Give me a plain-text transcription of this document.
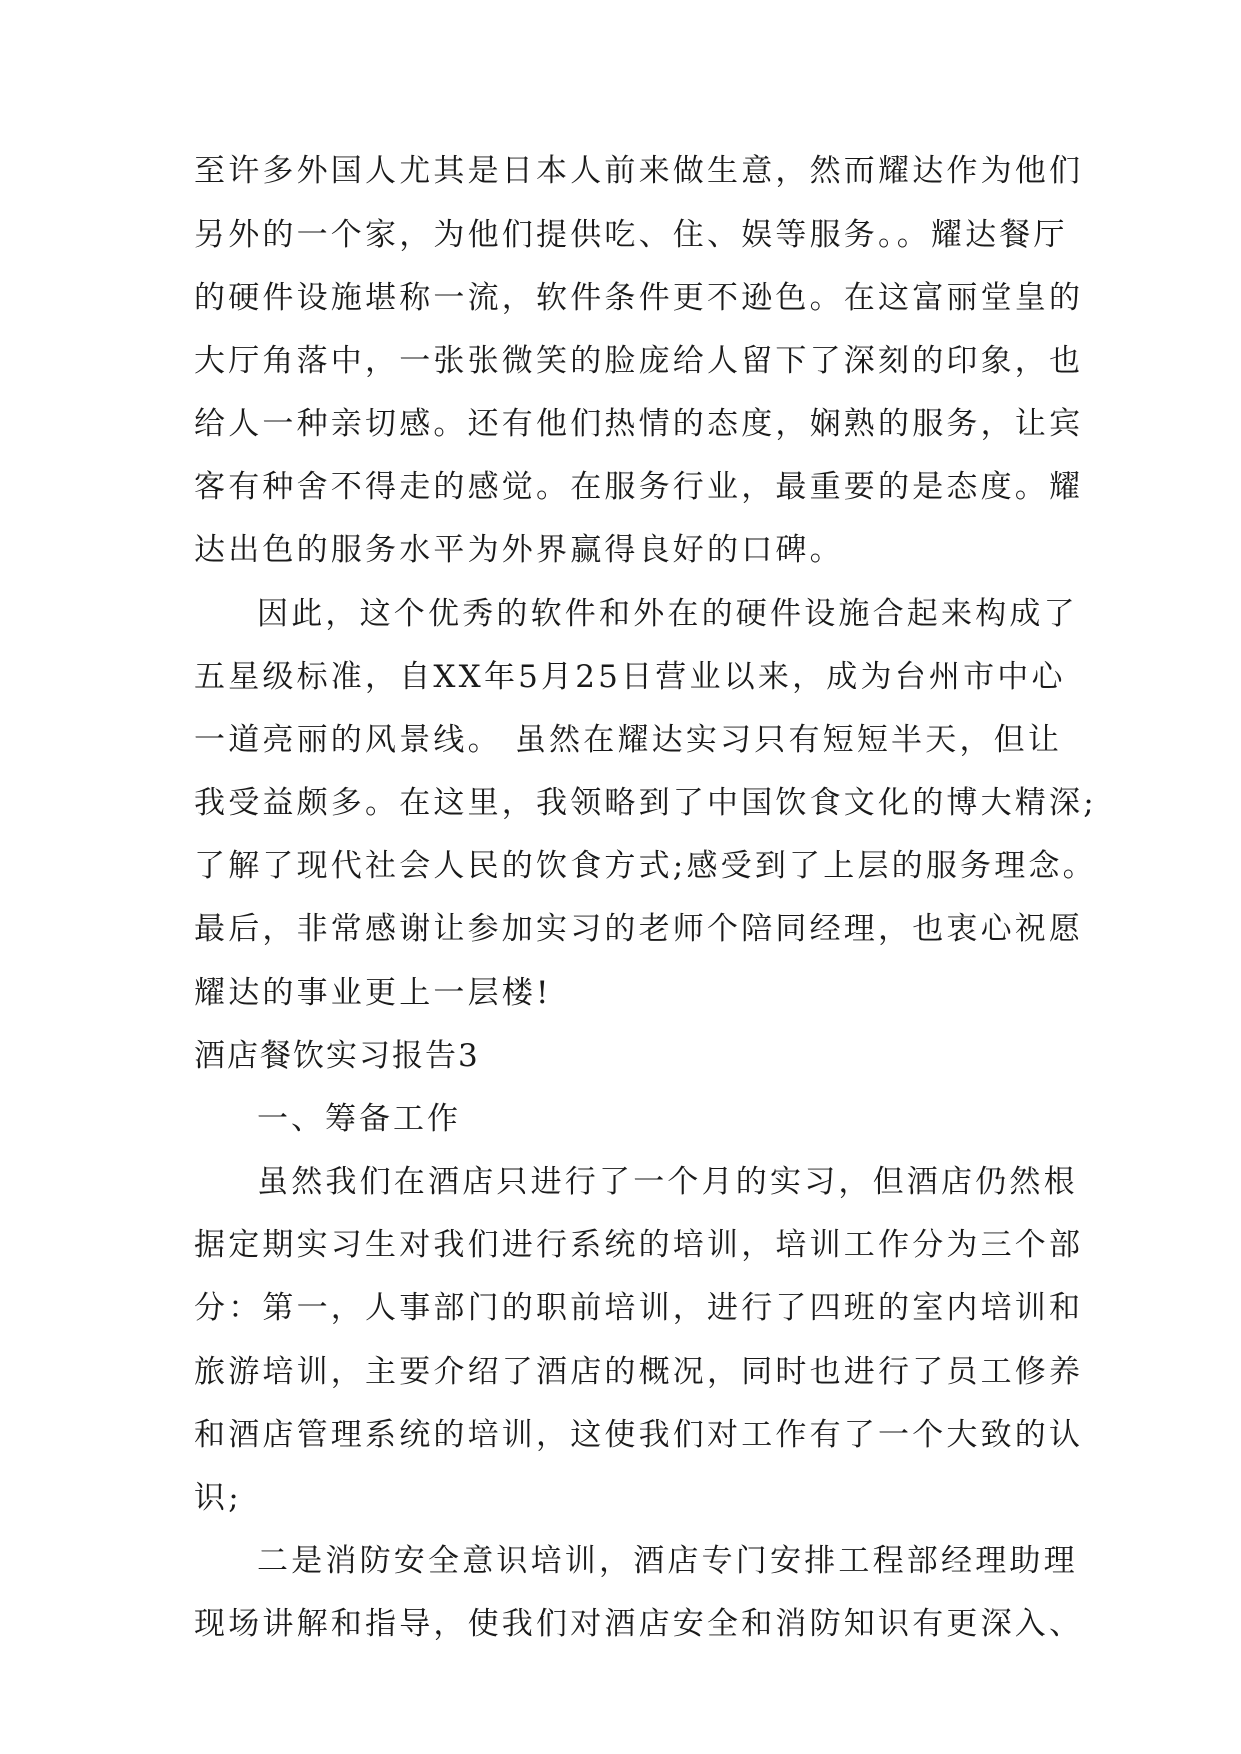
至许多外国人尤其是日本人前来做生意，然而耀达作为他们
另外的一个家，为他们提供吃、住、娱等服务。。耀达餐厅
的硬件设施堪称一流，软件条件更不逊色。在这富丽堂皇的
大厅角落中，一张张微笑的脸庞给人留下了深刻的印象，也
给人一种亲切感。还有他们热情的态度，娴熟的服务，让宾
客有种舍不得走的感觉。在服务行业，最重要的是态度。耀
达出色的服务水平为外界赢得良好的口碑。
因此，这个优秀的软件和外在的硬件设施合起来构成了
五星级标准，自XX年5月25日营业以来，成为台州市中心
一道亮丽的风景线。 虽然在耀达实习只有短短半天，但让
我受益颇多。在这里，我领略到了中国饮食文化的博大精深;
了解了现代社会人民的饮食方式;感受到了上层的服务理念。
最后，非常感谢让参加实习的老师个陪同经理，也衷心祝愿
耀达的事业更上一层楼!
酒店餐饮实习报告3
一、筹备工作
虽然我们在酒店只进行了一个月的实习，但酒店仍然根
据定期实习生对我们进行系统的培训，培训工作分为三个部
分：第一，人事部门的职前培训，进行了四班的室内培训和
旅游培训，主要介绍了酒店的概况，同时也进行了员工修养
和酒店管理系统的培训，这使我们对工作有了一个大致的认
识;
二是消防安全意识培训，酒店专门安排工程部经理助理
现场讲解和指导，使我们对酒店安全和消防知识有更深入、
